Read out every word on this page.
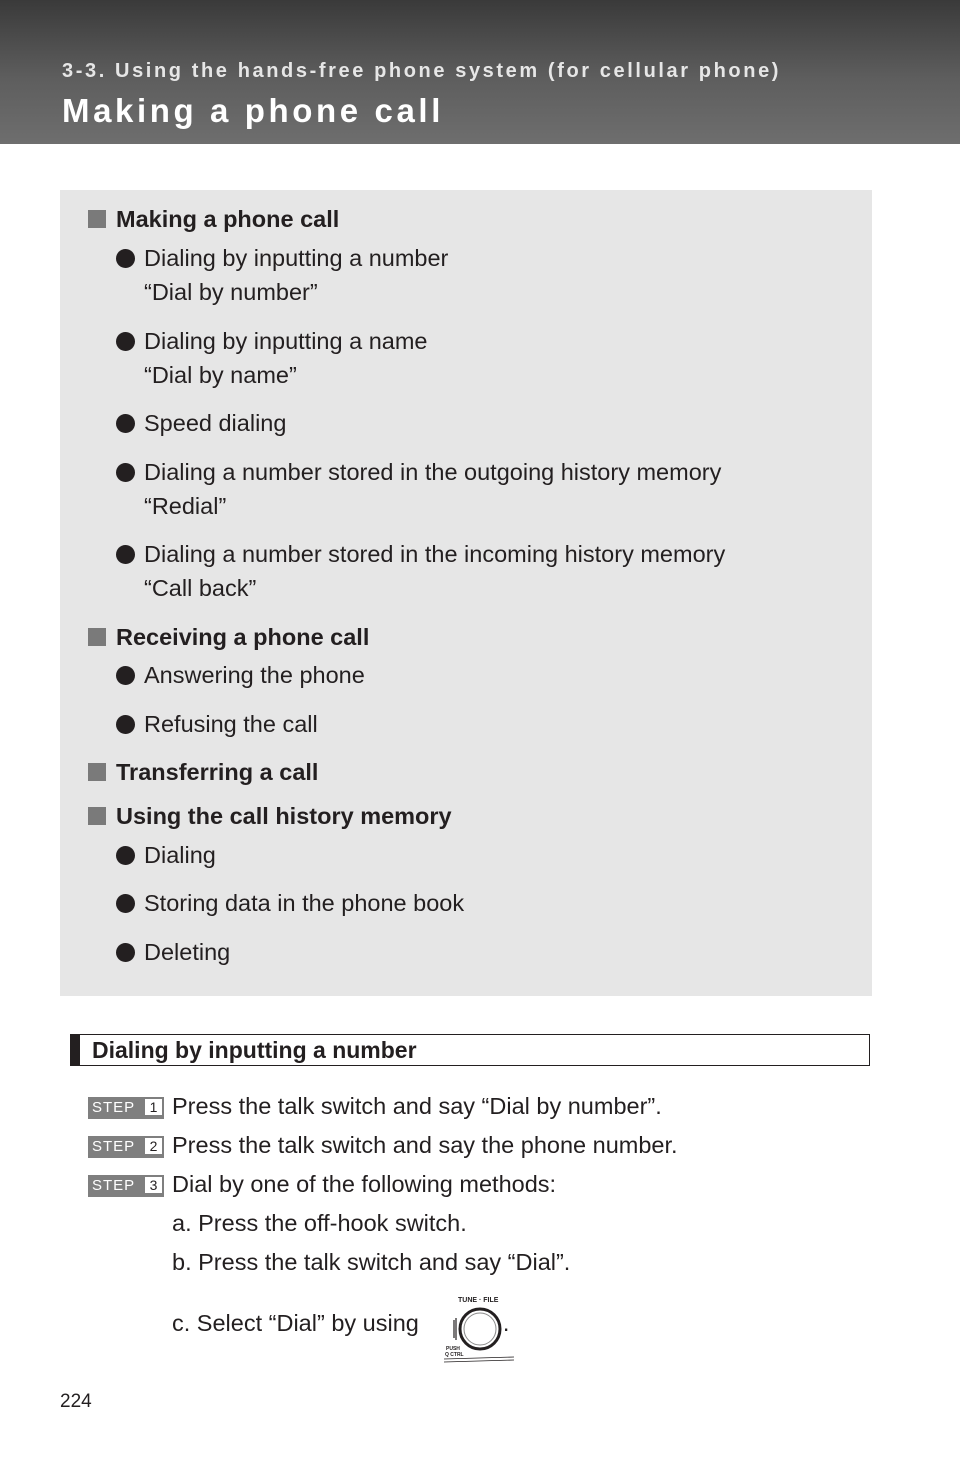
3-3. Using the hands-free phone system (for cellular phone)
Making a phone call
Making a phone call
Dialing by inputting a number
“Dial by number”
Dialing by inputting a name
“Dial by name”
Speed dialing
Dialing a number stored in the outgoing history memory
“Redial”
Dialing a number stored in the incoming history memory
“Call back”
Receiving a phone call
Answering the phone
Refusing the call
Transferring a call
Using the call history memory
Dialing
Storing data in the phone book
Deleting
Dialing by inputting a number
STEP	1 Press the talk switch and say “Dial by number”.
STEP	2 Press the talk switch and say the phone number.
STEP	3 Dial by one of the following methods:
a. Press the off-hook switch.
b. Press the talk switch and say “Dial”.
c. Select “Dial” by using	.
TUNE · FILE
PUSH
Q CTRL
224
